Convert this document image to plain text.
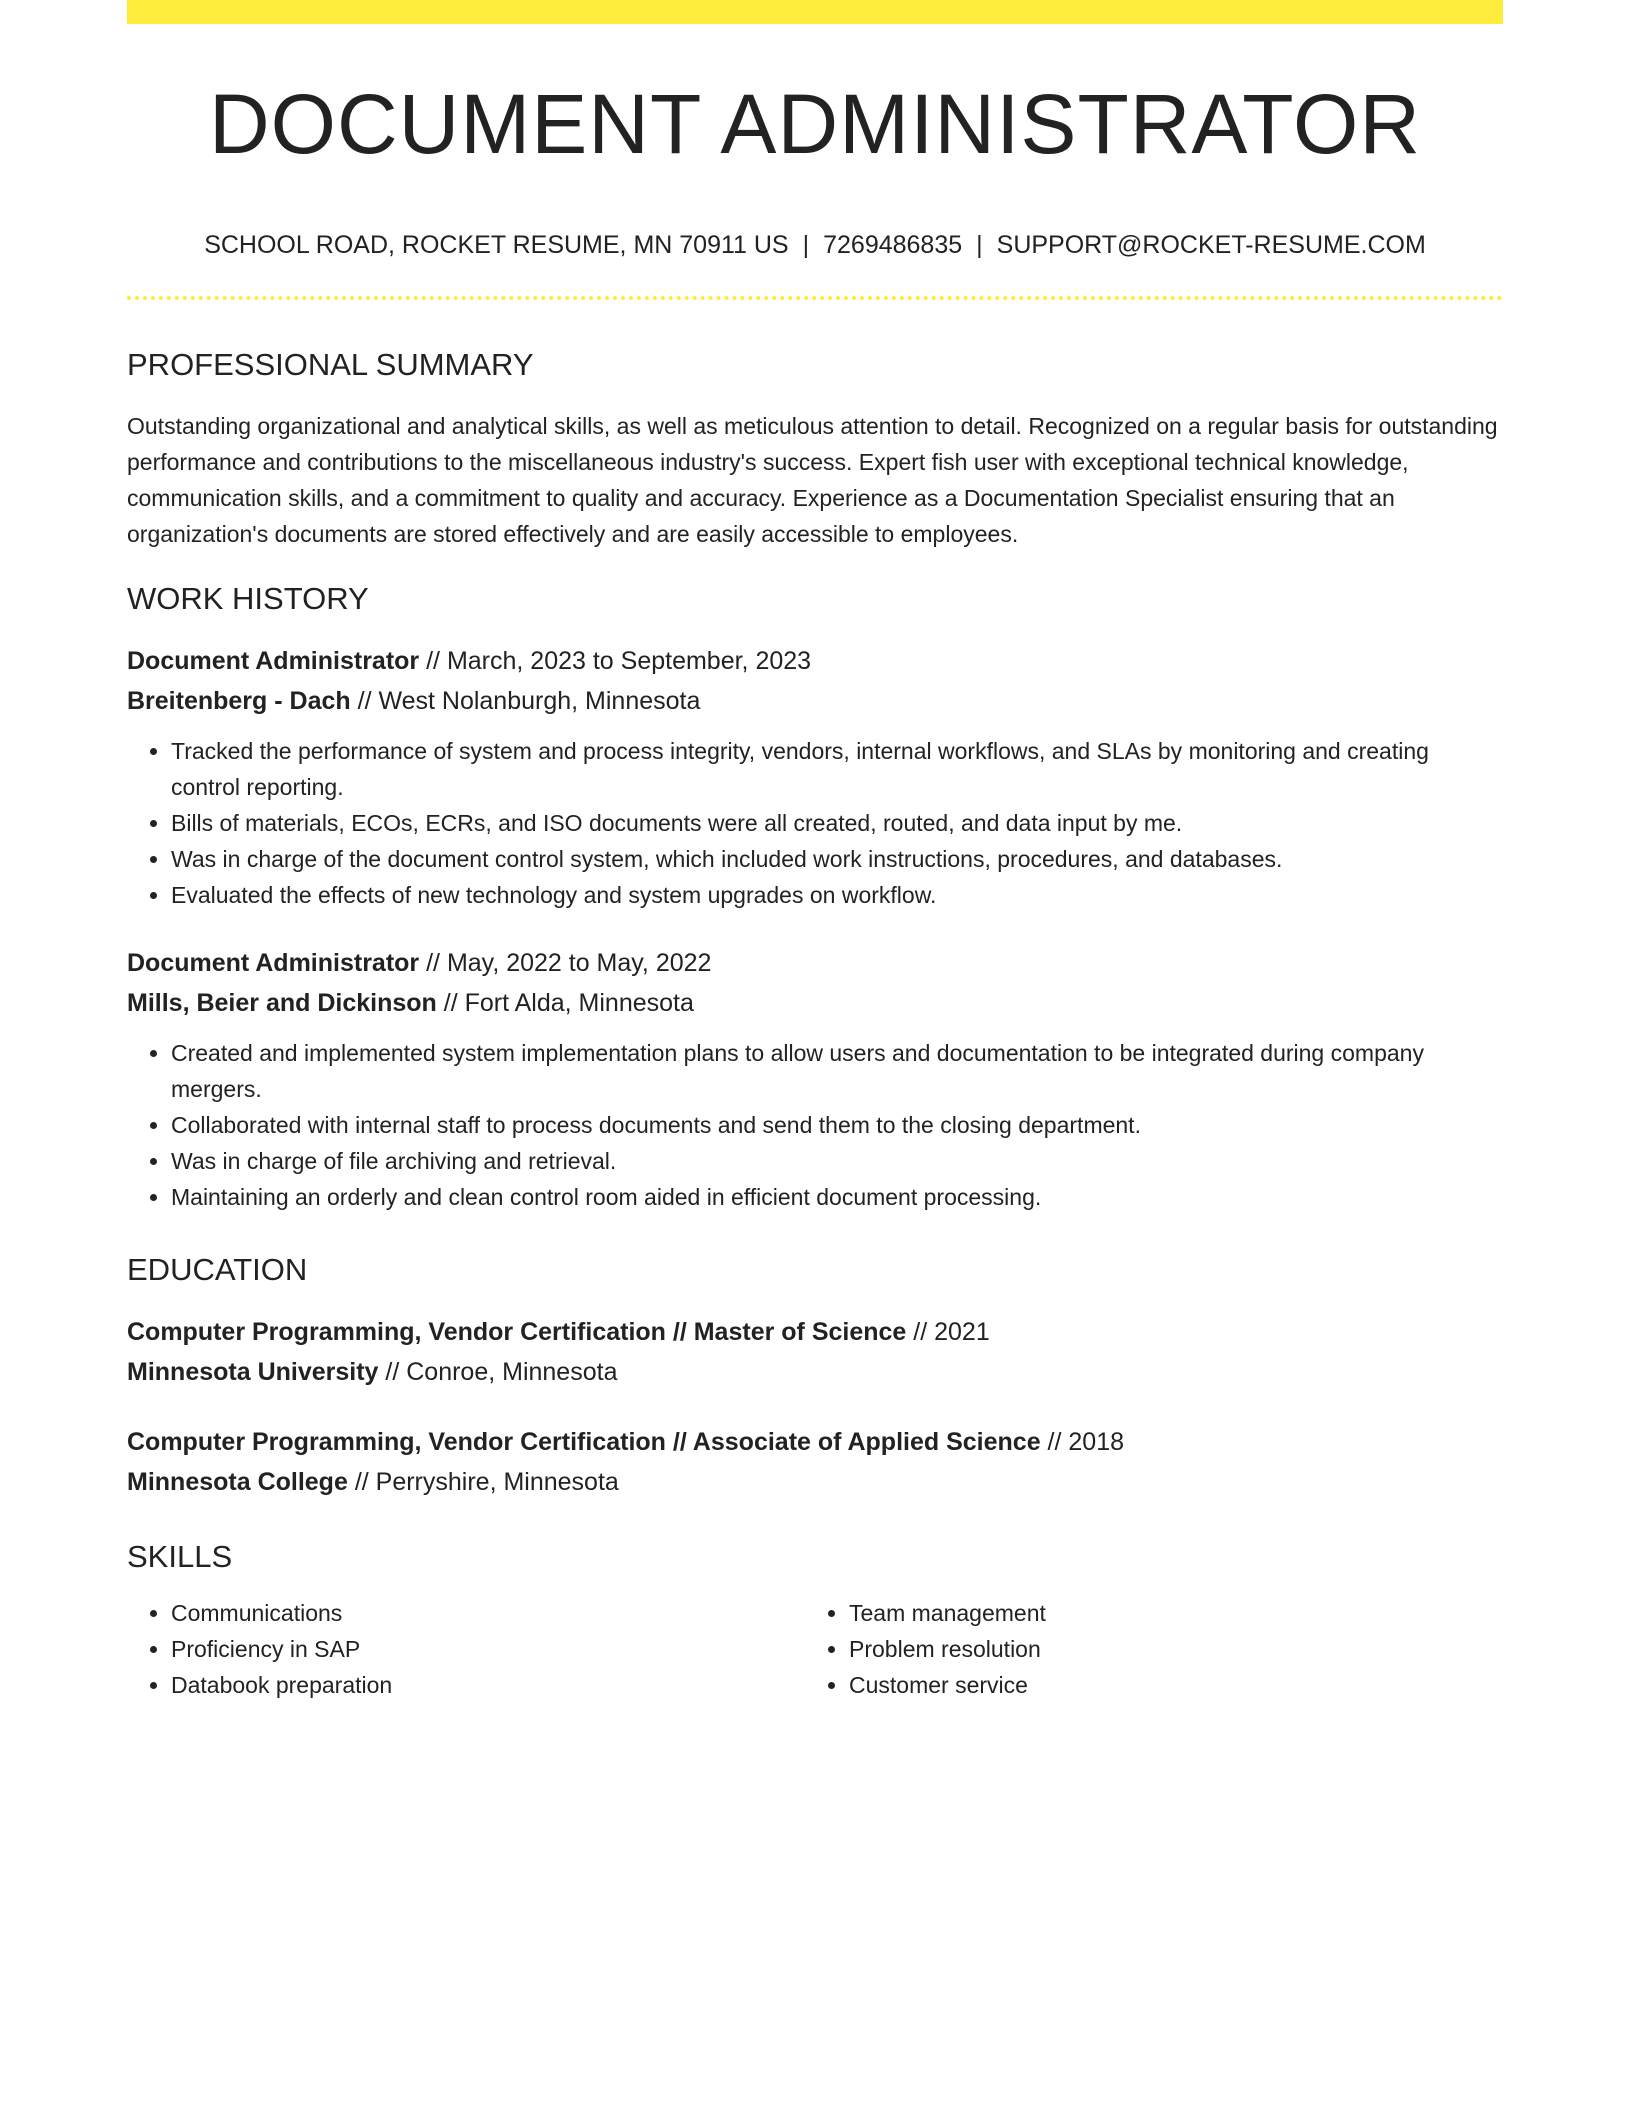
DOCUMENT ADMINISTRATOR
SCHOOL ROAD, ROCKET RESUME, MN 70911 US | 7269486835 | SUPPORT@ROCKET-RESUME.COM
PROFESSIONAL SUMMARY
Outstanding organizational and analytical skills, as well as meticulous attention to detail. Recognized on a regular basis for outstanding performance and contributions to the miscellaneous industry's success. Expert fish user with exceptional technical knowledge, communication skills, and a commitment to quality and accuracy. Experience as a Documentation Specialist ensuring that an organization's documents are stored effectively and are easily accessible to employees.
WORK HISTORY
Document Administrator // March, 2023 to September, 2023
Breitenberg - Dach // West Nolanburgh, Minnesota
• Tracked the performance of system and process integrity, vendors, internal workflows, and SLAs by monitoring and creating control reporting.
• Bills of materials, ECOs, ECRs, and ISO documents were all created, routed, and data input by me.
• Was in charge of the document control system, which included work instructions, procedures, and databases.
• Evaluated the effects of new technology and system upgrades on workflow.
Document Administrator // May, 2022 to May, 2022
Mills, Beier and Dickinson // Fort Alda, Minnesota
• Created and implemented system implementation plans to allow users and documentation to be integrated during company mergers.
• Collaborated with internal staff to process documents and send them to the closing department.
• Was in charge of file archiving and retrieval.
• Maintaining an orderly and clean control room aided in efficient document processing.
EDUCATION
Computer Programming, Vendor Certification // Master of Science // 2021
Minnesota University // Conroe, Minnesota
Computer Programming, Vendor Certification // Associate of Applied Science // 2018
Minnesota College // Perryshire, Minnesota
SKILLS
• Communications
• Proficiency in SAP
• Databook preparation
• Team management
• Problem resolution
• Customer service
